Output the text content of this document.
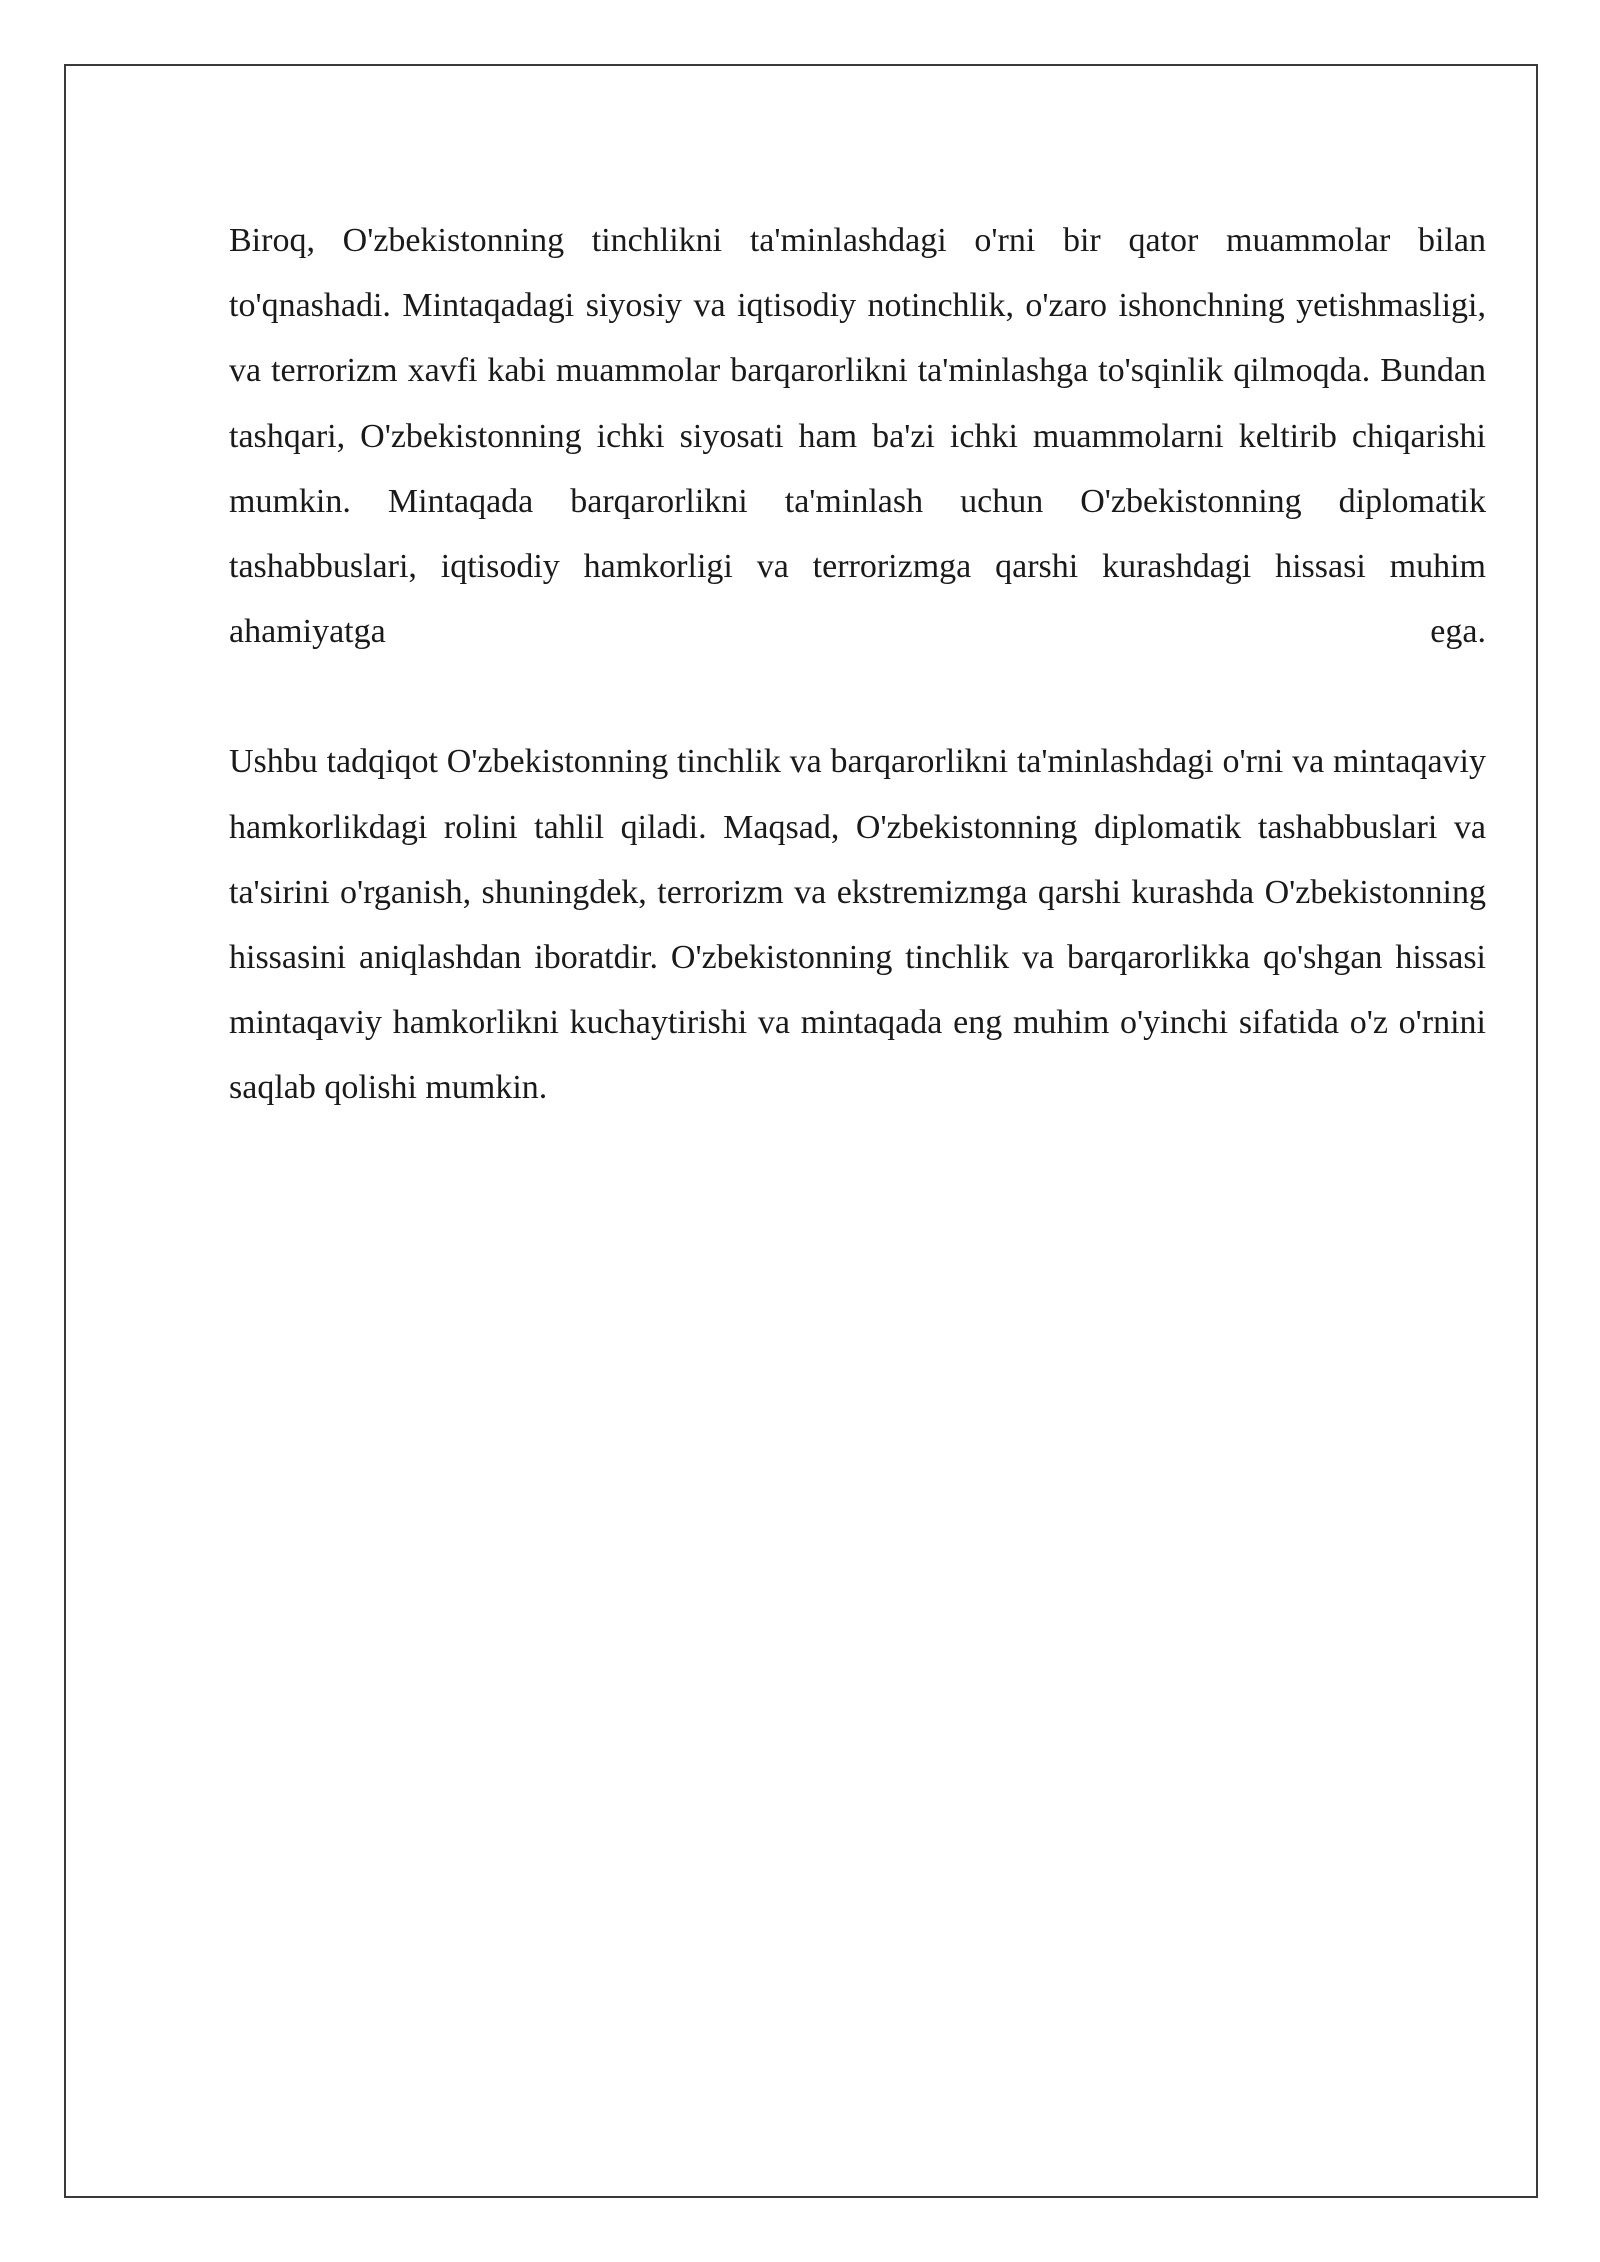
Biroq, O'zbekistonning tinchlikni ta'minlashdagi o'rni bir qator muammolar bilan to'qnashadi. Mintaqadagi siyosiy va iqtisodiy notinchlik, o'zaro ishonchning yetishmasligi, va terrorizm xavfi kabi muammolar barqarorlikni ta'minlashga to'sqinlik qilmoqda. Bundan tashqari, O'zbekistonning ichki siyosati ham ba'zi ichki muammolarni keltirib chiqarishi mumkin. Mintaqada barqarorlikni ta'minlash uchun O'zbekistonning diplomatik tashabbuslari, iqtisodiy hamkorligi va terrorizmga qarshi kurashdagi hissasi muhim ahamiyatga ega.

Ushbu tadqiqot O'zbekistonning tinchlik va barqarorlikni ta'minlashdagi o'rni va mintaqaviy hamkorlikdagi rolini tahlil qiladi. Maqsad, O'zbekistonning diplomatik tashabbuslari va ta'sirini o'rganish, shuningdek, terrorizm va ekstremizmga qarshi kurashda O'zbekistonning hissasini aniqlashdan iboratdir. O'zbekistonning tinchlik va barqarorlikka qo'shgan hissasi mintaqaviy hamkorlikni kuchaytirishi va mintaqada eng muhim o'yinchi sifatida o'z o'rnini saqlab qolishi mumkin.
